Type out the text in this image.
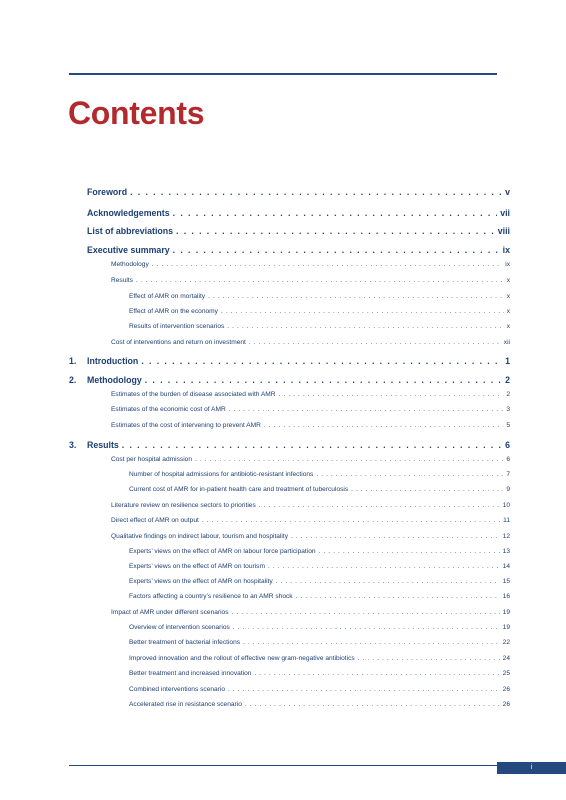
Contents
Foreword . . .	v
Acknowledgements . . .	vii
List of abbreviations . . .	viii
Executive summary . . .	ix
Methodology . . .	ix
Results . . .	x
Effect of AMR on mortality . . .	x
Effect of AMR on the economy . . .	x
Results of intervention scenarios . . .	x
Cost of interventions and return on investment . . .	xii
1. Introduction . . .	1
2. Methodology . . .	2
Estimates of the burden of disease associated with AMR . . .	2
Estimates of the economic cost of AMR . . .	3
Estimates of the cost of intervening to prevent AMR . . .	5
3. Results . . .	6
Cost per hospital admission . . .	6
Number of hospital admissions for antibiotic-resistant infections . . .	7
Current cost of AMR for in-patient health care and treatment of tuberculosis . . .	9
Literature review on resilience sectors to priorities . . .	10
Direct effect of AMR on output . . .	11
Qualitative findings on indirect labour, tourism and hospitality . . .	12
Experts’ views on the effect of AMR on labour force participation . . .	13
Experts’ views on the effect of AMR on tourism . . .	14
Experts’ views on the effect of AMR on hospitality . . .	15
Factors affecting a country’s resilience to an AMR shock . . .	16
Impact of AMR under different scenarios . . .	19
Overview of intervention scenarios . . .	19
Better treatment of bacterial infections . . .	22
Improved innovation and the rollout of effective new gram-negative antibiotics . . .	24
Better treatment and increased innovation . . .	25
Combined interventions scenario . . .	26
Accelerated rise in resistance scenario . . .	26
i
